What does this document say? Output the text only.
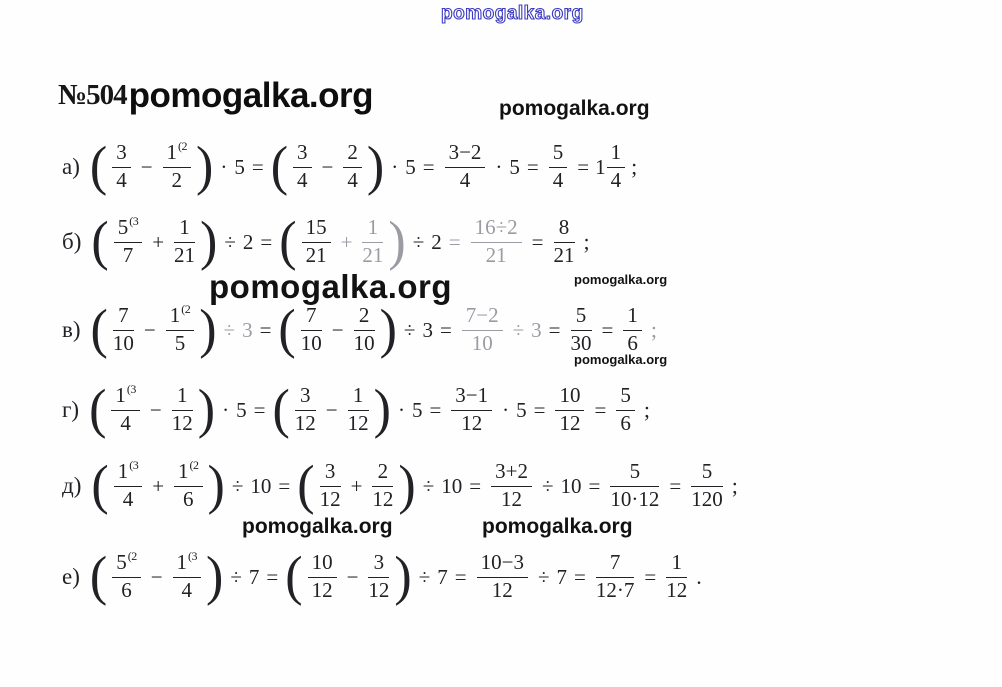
pomogalka.org
№504 pomogalka.org	pomogalka.org
pomogalka.org	pomogalka.org
pomogalka.org
pomogalka.org	pomogalka.org
а) ( $\frac{3}{4} - \frac{1^{(2}}{2}$ ) · 5 = ( $\frac{3}{4} - \frac{2}{4}$ ) · $5 = \frac{3-2}{4} \cdot 5 = \frac{5}{4} = 1 \frac{1}{4}$ ;
б) ( $\frac{5^{(3}}{7} + \frac{1}{21}$ ) ÷ 2 = ( $\frac{15}{21} + \frac{1}{21}$ ) ÷ $2 = \frac{16\div 2}{21} = \frac{8}{21}$ ;
в) ( $\frac{7}{10} - \frac{1^{(2}}{5}$ ) ÷ 3 = ( $\frac{7}{10} - \frac{2}{10}$ ) ÷ $3 = \frac{7-2}{10} \div 3 = \frac{5}{30} = \frac{1}{6}$ ;
г) ( $\frac{1^{(3}}{4} - \frac{1}{12}$ ) · 5 = ( $\frac{3}{12} - \frac{1}{12}$ ) · $5 = \frac{3-1}{12} \cdot 5 = \frac{10}{12} = \frac{5}{6}$ ;
д) ( $\frac{1^{(3}}{4} + \frac{1^{(2}}{6}$ ) ÷ 10 = ( $\frac{3}{12} + \frac{2}{12}$ ) ÷ $10 = \frac{3+2}{12} \div 10 = \frac{5}{10\cdot 12} = \frac{5}{120}$ ;
е) ( $\frac{5^{(2}}{6} - \frac{1^{(3}}{4}$ ) ÷ 7 = ( $\frac{10}{12} - \frac{3}{12}$ ) ÷ $7 = \frac{10-3}{12} \div 7 = \frac{7}{12\cdot 7} = \frac{1}{12}$ .
